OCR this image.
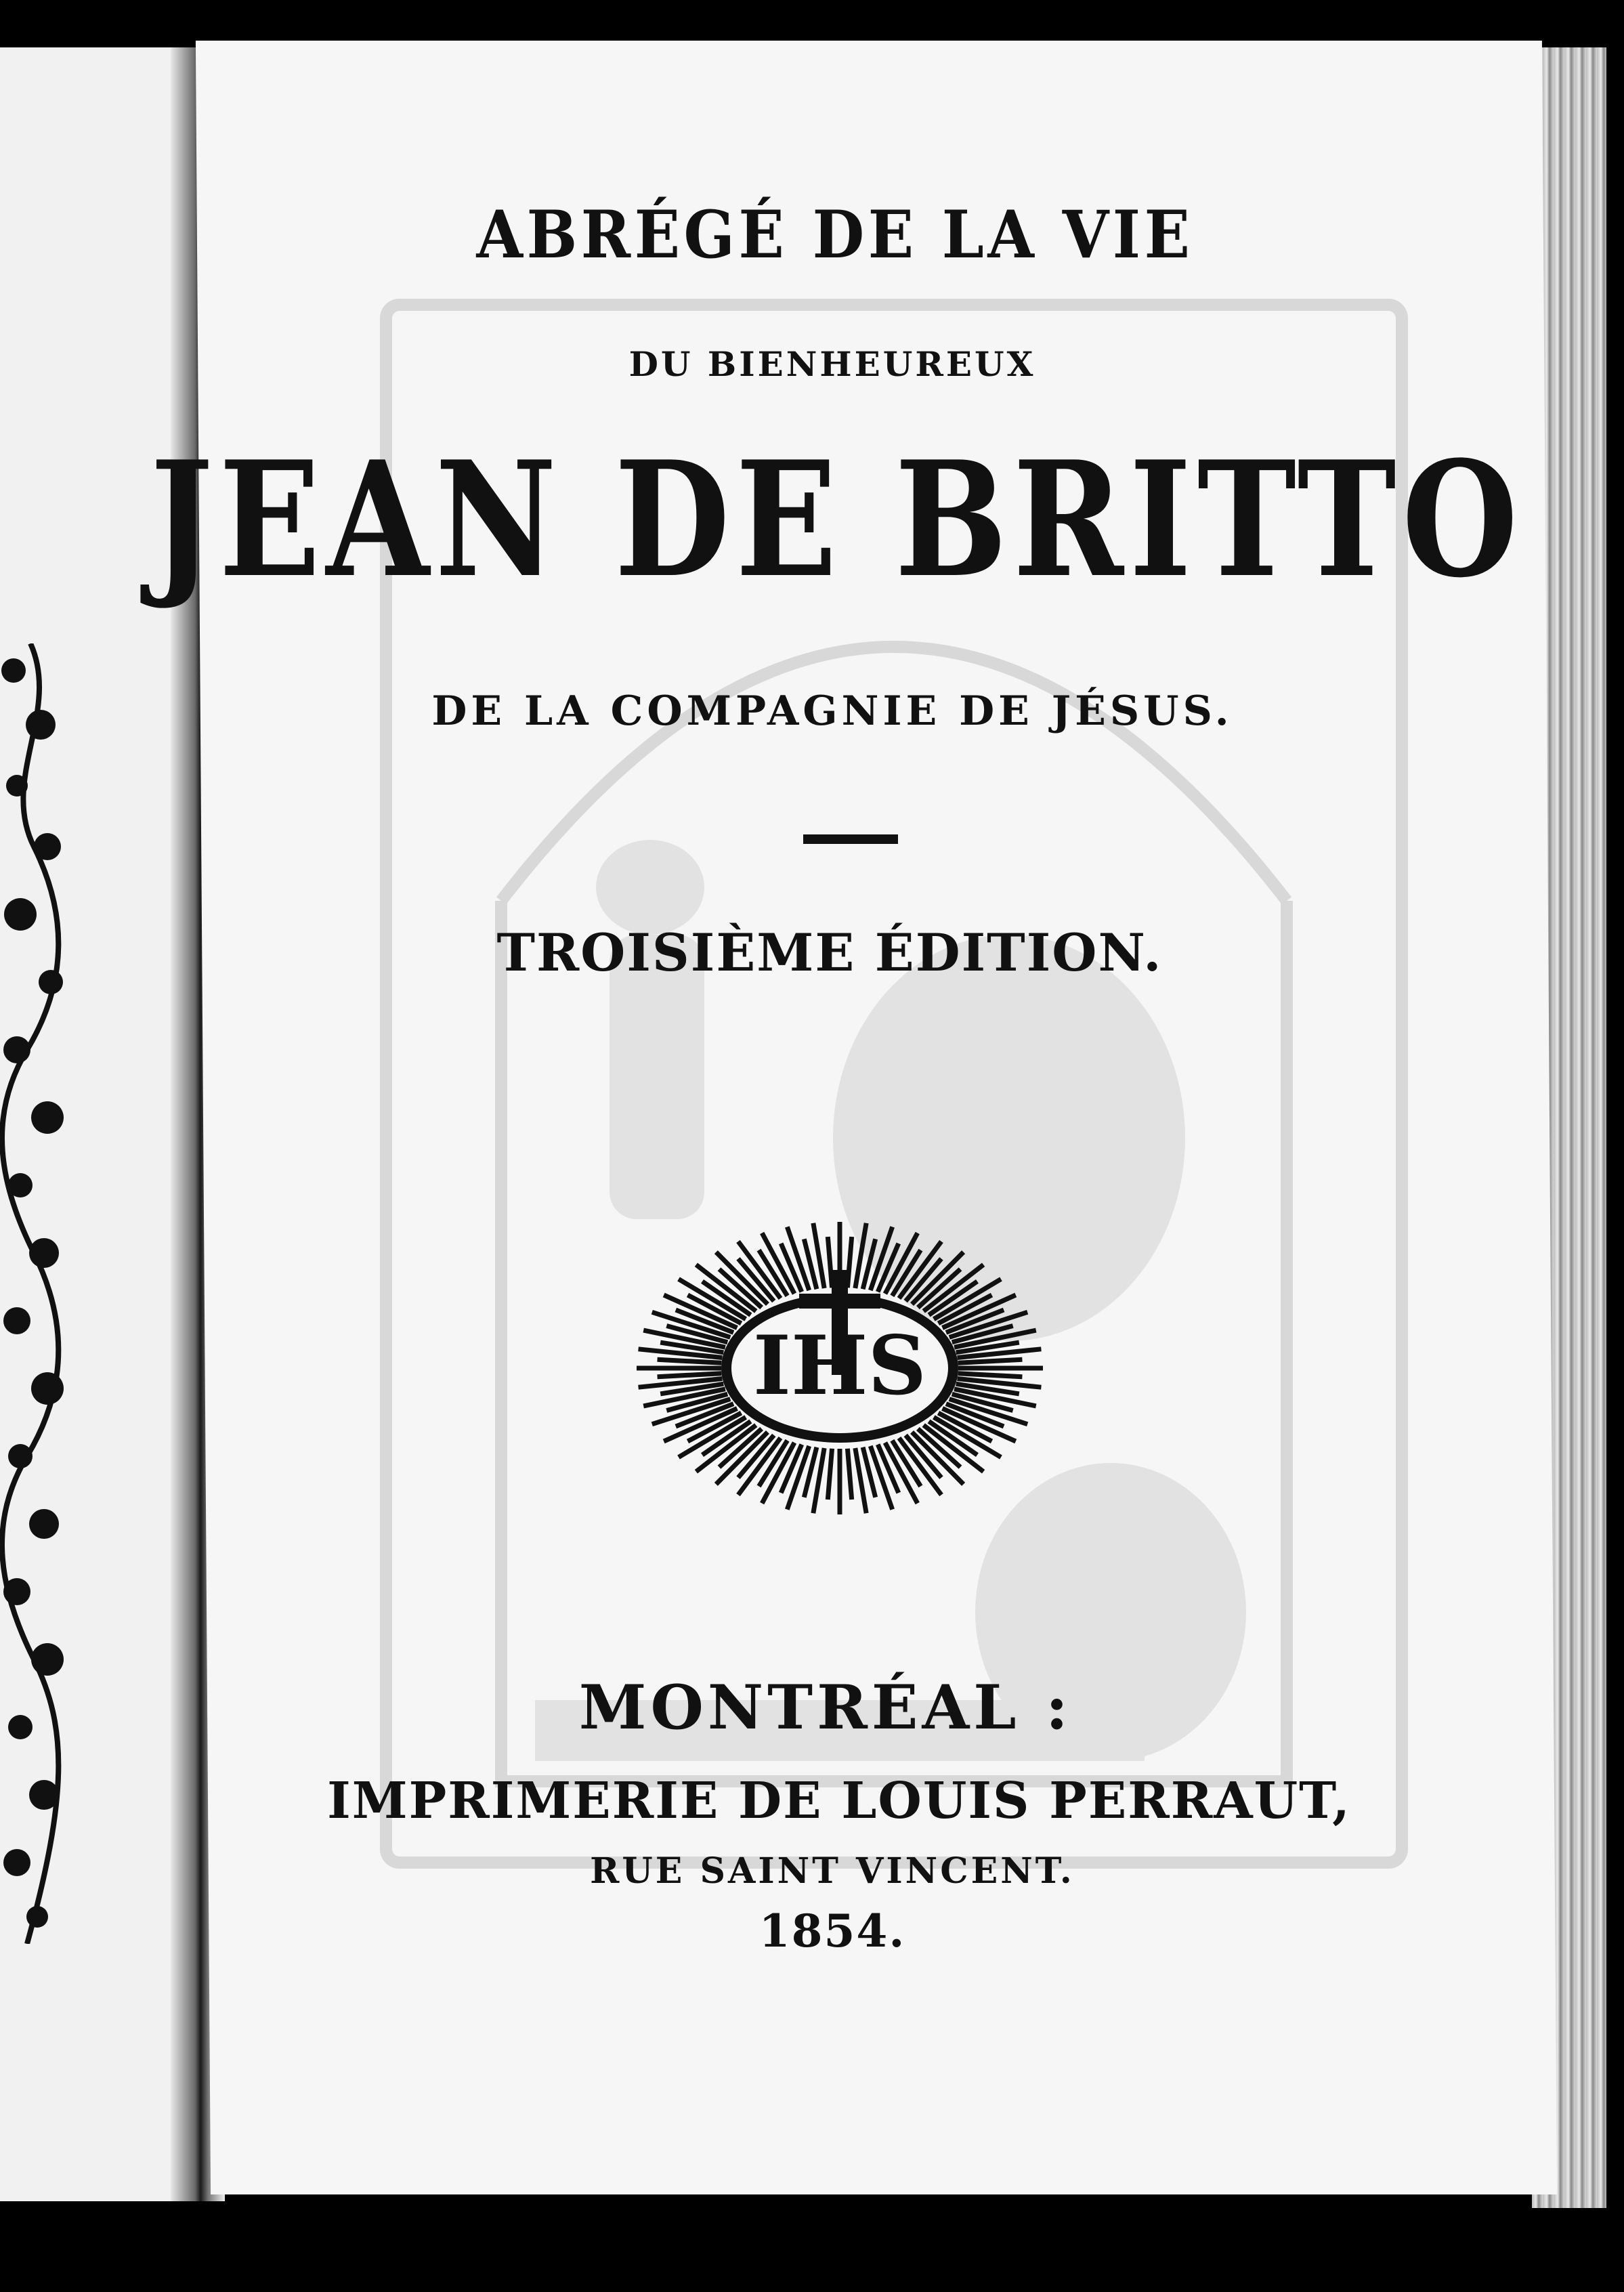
ABRÉGÉ DE LA VIE
DU BIENHEUREUX
JEAN DE BRITTO
DE LA COMPAGNIE DE JÉSUS.
TROISIÈME ÉDITION.
IHS
MONTRÉAL :
IMPRIMERIE DE LOUIS PERRAUT,
RUE SAINT VINCENT.
1854.
